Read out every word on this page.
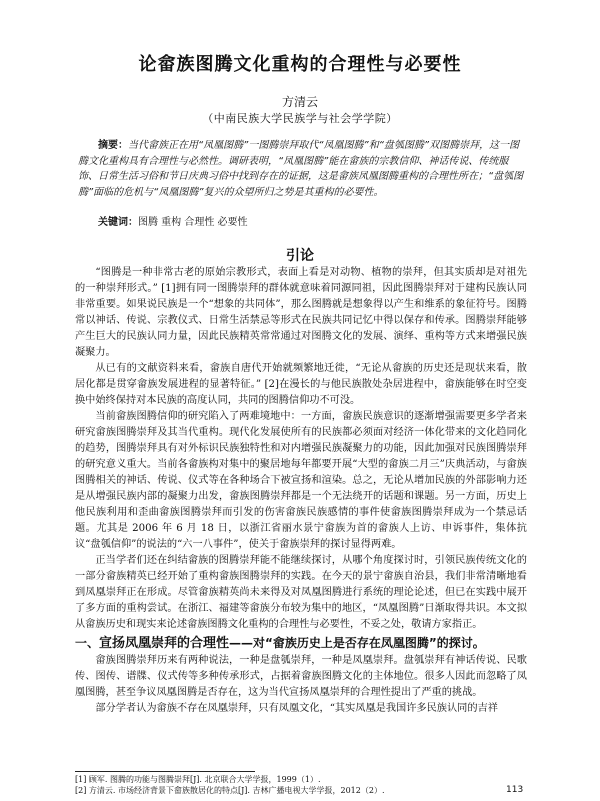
论畲族图腾文化重构的合理性与必要性
方清云
（中南民族大学民族学与社会学学院）

摘要：当代畲族正在用“凤凰图腾”一图腾崇拜取代“凤凰图腾”和“盘瓠图腾”双图腾崇拜，这一图腾文化重构具有合理性与必然性。调研表明，“凤凰图腾”能在畲族的宗教信仰、神话传说、传统服饰、日常生活习俗和节日庆典习俗中找到存在的证据，这是畲族凤凰图腾重构的合理性所在；“盘瓠图腾”面临的危机与“凤凰图腾”复兴的众望所归之势是其重构的必要性。

关键词：图腾 重构 合理性 必要性
引论

“图腾是一种非常古老的原始宗教形式，表面上看是对动物、植物的崇拜，但其实质却是对祖先的一种崇拜形式。” [1]拥有同一图腾崇拜的群体就意味着同源同祖，因此图腾崇拜对于建构民族认同非常重要。如果说民族是一个“想象的共同体”，那么图腾就是想象得以产生和维系的象征符号。图腾常以神话、传说、宗教仪式、日常生活禁忌等形式在民族共同记忆中得以保存和传承。图腾崇拜能够产生巨大的民族认同力量，因此民族精英常常通过对图腾文化的发展、演绎、重构等方式来增强民族凝聚力。

从已有的文献资料来看，畲族自唐代开始就频繁地迁徙，“无论从畲族的历史还是现状来看，散居化都是贯穿畲族发展进程的显著特征。” [2]在漫长的与他民族散处杂居进程中，畲族能够在时空变换中始终保持对本民族的高度认同，共同的图腾信仰功不可没。

当前畲族图腾信仰的研究陷入了两难境地中：一方面，畲族民族意识的逐渐增强需要更多学者来研究畲族图腾崇拜及其当代重构。现代化发展使所有的民族都必须面对经济一体化带来的文化趋同化的趋势，图腾崇拜具有对外标识民族独特性和对内增强民族凝聚力的功能，因此加强对民族图腾崇拜的研究意义重大。当前各畲族构对集中的聚居地每年都要开展“大型的畲族二月三”庆典活动，与畲族图腾相关的神话、传说、仪式等在各种场合下被宣扬和渲染。总之，无论从增加民族的外部影响力还是从增强民族内部的凝聚力出发，畲族图腾崇拜都是一个无法绕开的话题和课题。另一方面，历史上他民族利用和歪曲畲族图腾崇拜而引发的伤害畲族民族感情的事件使畲族图腾崇拜成为一个禁忌话题。尤其是 2006 年 6 月 18 日，以浙江省丽水景宁畲族为首的畲族人上访、申诉事件，集体抗议“盘瓠信仰”的说法的“六一八事件”，使关于畲族崇拜的探讨显得两难。

正当学者们还在纠结畲族的图腾崇拜能不能继续探讨，从哪个角度探讨时，引领民族传统文化的一部分畲族精英已经开始了重构畲族图腾崇拜的实践。在今天的景宁畲族自治县，我们非常清晰地看到凤凰崇拜正在形成。尽管畲族精英尚未来得及对凤凰图腾进行系统的理论论述，但已在实践中展开了多方面的重构尝试。在浙江、福建等畲族分布较为集中的地区，“凤凰图腾”日渐取得共识。本文拟从畲族历史和现实来论述畲族图腾文化重构的合理性与必要性，不妥之处，敬请方家指正。

一、宣扬凤凰崇拜的合理性——对“畲族历史上是否存在凤凰图腾”的探讨。

畲族图腾崇拜历来有两种说法，一种是盘瓠崇拜，一种是凤凰崇拜。盘瓠崇拜有神话传说、民歌传、图传、谱牒、仪式传等多种传承形式，占据着畲族图腾文化的主体地位。很多人因此而忽略了凤凰图腾，甚至争议凤凰图腾是否存在，这为当代宣扬凤凰崇拜的合理性提出了严重的挑战。

部分学者认为畲族不存在凤凰崇拜，只有凤凰文化，“其实凤凰是我国许多民族认同的吉祥

[1] 顾军. 图腾的功能与图腾崇拜[J]. 北京联合大学学报，1999（1）.
[2] 方清云. 市场经济背景下畲族散居化的特点[J]. 吉林广播电视大学学报，2012（2）.	113
